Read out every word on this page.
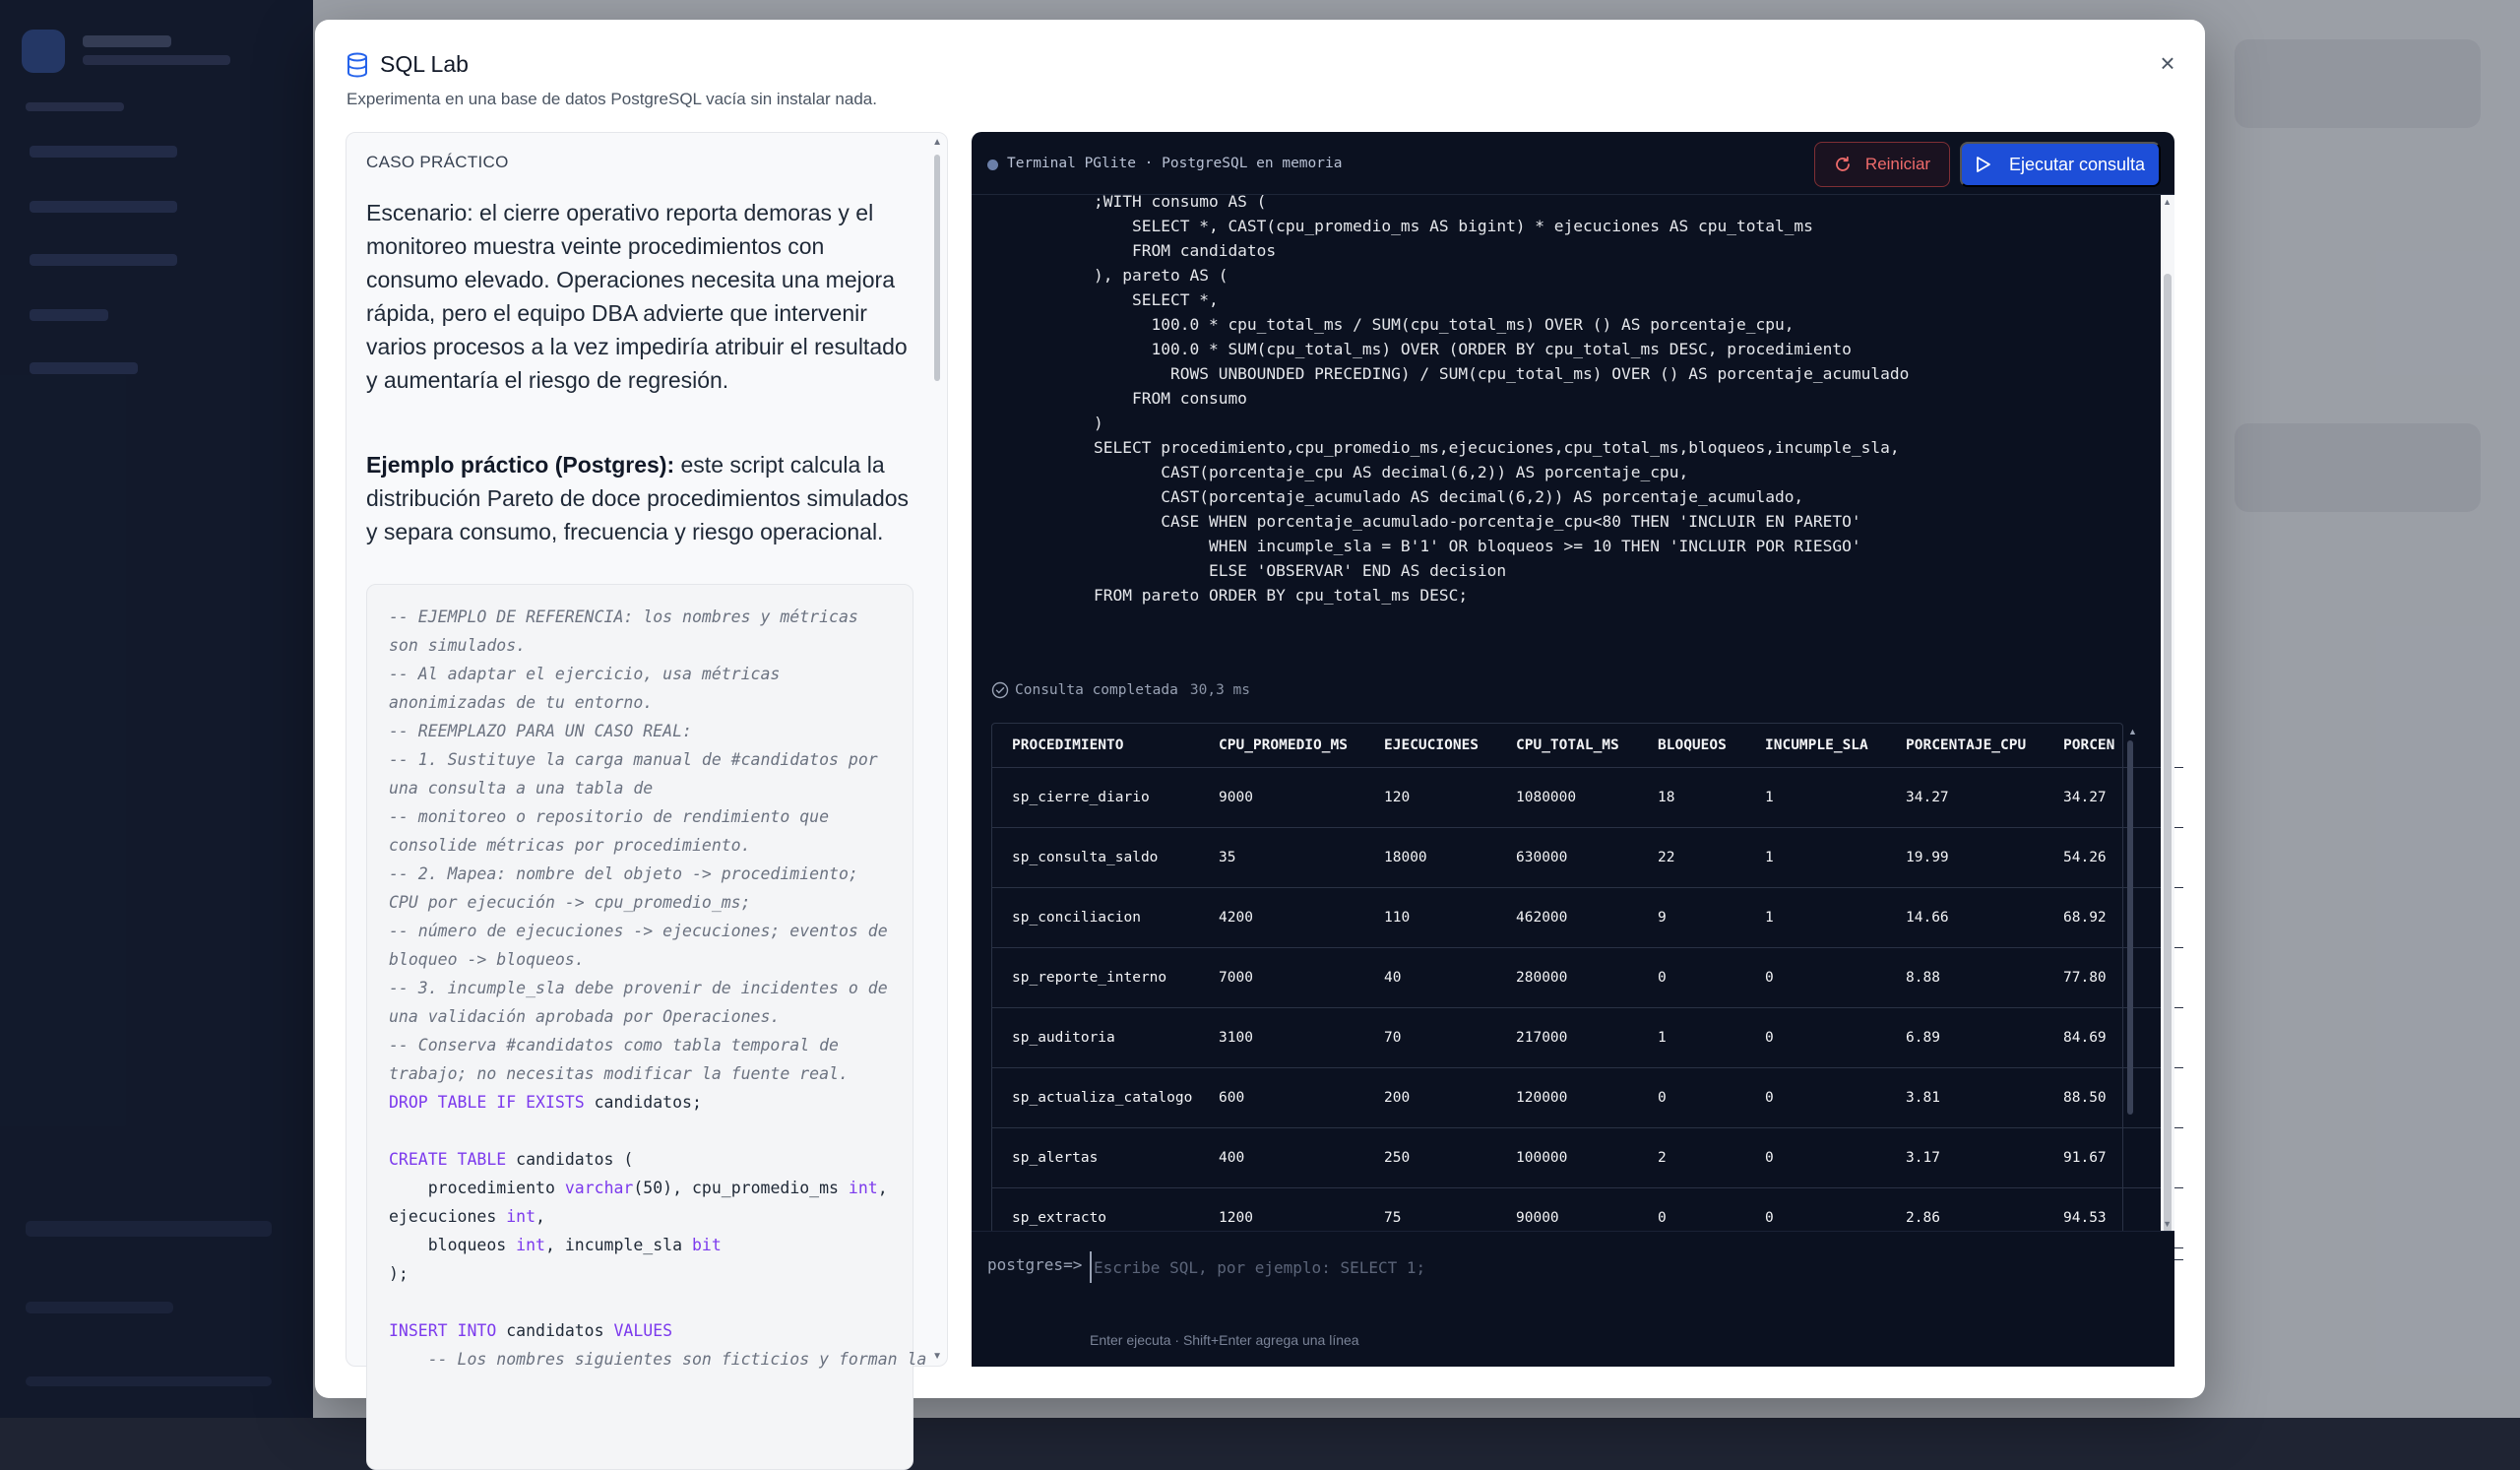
SQL Lab

Experimenta en una base de datos PostgreSQL vacía sin instalar nada.

×
CASO PRÁCTICO

Escenario: el cierre operativo reporta demoras y el monitoreo muestra veinte procedimientos con consumo elevado. Operaciones necesita una mejora rápida, pero el equipo DBA advierte que intervenir varios procesos a la vez impediría atribuir el resultado y aumentaría el riesgo de regresión.

Ejemplo práctico (Postgres): este script calcula la distribución Pareto de doce procedimientos simulados y separa consumo, frecuencia y riesgo operacional.

-- EJEMPLO DE REFERENCIA: los nombres y métricas son simulados.
-- Al adaptar el ejercicio, usa métricas anonimizadas de tu entorno.
-- REEMPLAZO PARA UN CASO REAL:
-- 1. Sustituye la carga manual de #candidatos por una consulta a una tabla de
-- monitoreo o repositorio de rendimiento que consolide métricas por procedimiento.
-- 2. Mapea: nombre del objeto -> procedimiento; CPU por ejecución -> cpu_promedio_ms;
-- número de ejecuciones -> ejecuciones; eventos de bloqueo -> bloqueos.
-- 3. incumple_sla debe provenir de incidentes o de una validación aprobada por Operaciones.
-- Conserva #candidatos como tabla temporal de trabajo; no necesitas modificar la fuente real.
DROP TABLE IF EXISTS candidatos;
CREATE TABLE candidatos (
procedimiento varchar(50), cpu_promedio_ms int, ejecuciones int,
bloqueos int, incumple_sla bit
);
INSERT INTO candidatos VALUES
-- Los nombres siguientes son ficticios y forman la
▲
▼
Terminal PGlite · PostgreSQL en memoria	Reiniciar	Ejecutar consulta
;WITH consumo AS (
SELECT *, CAST(cpu_promedio_ms AS bigint) * ejecuciones AS cpu_total_ms
FROM candidatos
), pareto AS (
SELECT *,
100.0 * cpu_total_ms / SUM(cpu_total_ms) OVER () AS porcentaje_cpu,
100.0 * SUM(cpu_total_ms) OVER (ORDER BY cpu_total_ms DESC, procedimiento
ROWS UNBOUNDED PRECEDING) / SUM(cpu_total_ms) OVER () AS porcentaje_acumulado
FROM consumo
)
SELECT procedimiento,cpu_promedio_ms,ejecuciones,cpu_total_ms,bloqueos,incumple_sla,
CAST(porcentaje_cpu AS decimal(6,2)) AS porcentaje_cpu,
CAST(porcentaje_acumulado AS decimal(6,2)) AS porcentaje_acumulado,
CASE WHEN porcentaje_acumulado-porcentaje_cpu<80 THEN 'INCLUIR EN PARETO'
WHEN incumple_sla = B'1' OR bloqueos >= 10 THEN 'INCLUIR POR RIESGO'
ELSE 'OBSERVAR' END AS decision
FROM pareto ORDER BY cpu_total_ms DESC;
Consulta completada 30,3 ms
PROCEDIMIENTO	CPU_PROMEDIO_MS	EJECUCIONES	CPU_TOTAL_MS	BLOQUEOS	INCUMPLE_SLA	PORCENTAJE_CPU	PORCEN
sp_cierre_diario	9000	120	1080000	18	1	34.27	34.27
sp_consulta_saldo	35	18000	630000	22	1	19.99	54.26
sp_conciliacion	4200	110	462000	9	1	14.66	68.92
sp_reporte_interno	7000	40	280000	0	0	8.88	77.80
sp_auditoria	3100	70	217000	1	0	6.89	84.69
sp_actualiza_catalogo	600	200	120000	0	0	3.81	88.50
sp_alertas	400	250	100000	2	0	3.17	91.67
sp_extracto	1200	75	90000	0	0	2.86	94.53

▲
▲
▼
postgres=>
Escribe SQL, por ejemplo: SELECT 1;
Enter ejecuta · Shift+Enter agrega una línea
